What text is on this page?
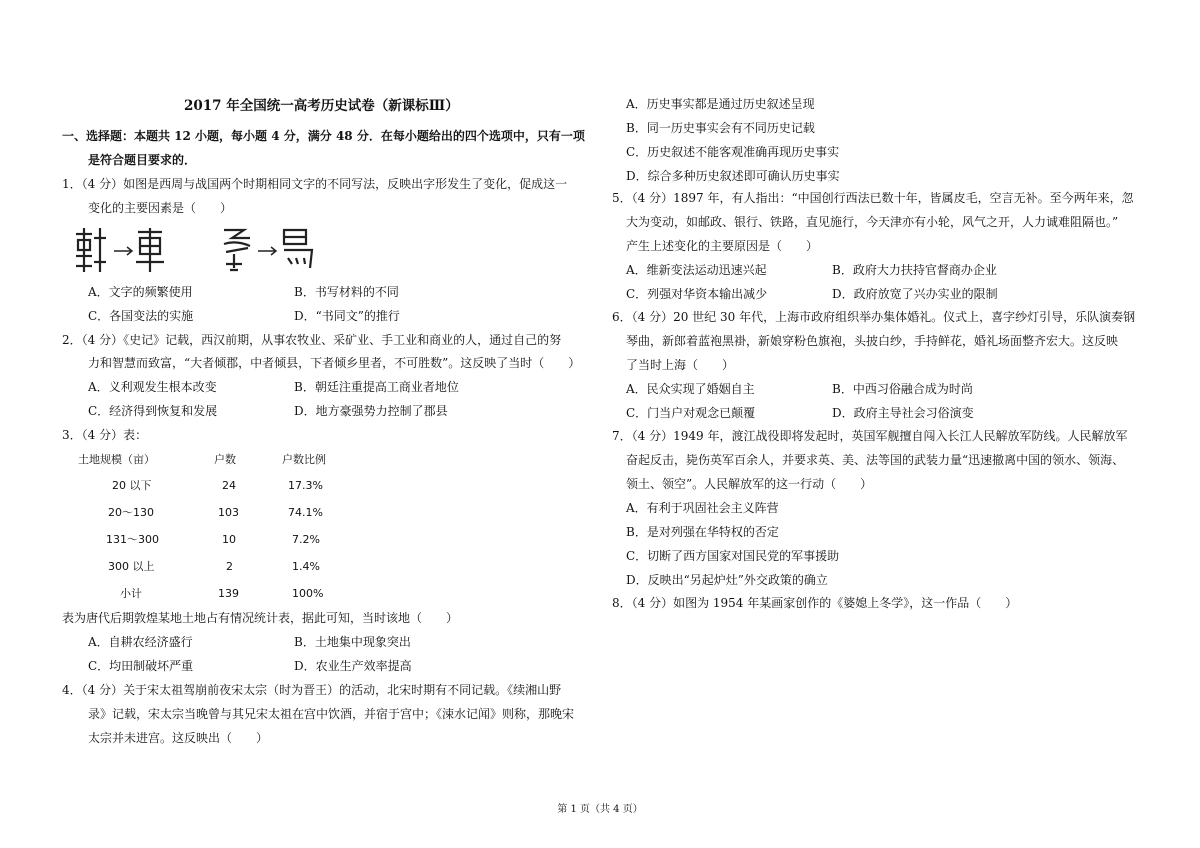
2017 年全国统一高考历史试卷（新课标Ⅲ）
一、选择题：本题共 12 小题，每小题 4 分，满分 48 分．在每小题给出的四个选项中，只有一项
是符合题目要求的．
1．（4 分）如图是西周与战国两个时期相同文字的不同写法，反映出字形发生了变化，促成这一
变化的主要因素是（　　）
A．文字的频繁使用	B．书写材料的不同
C．各国变法的实施	D．“书同文”的推行
2．（4 分）《史记》记载，西汉前期，从事农牧业、采矿业、手工业和商业的人，通过自己的努
力和智慧而致富，“大者倾郡，中者倾县，下者倾乡里者，不可胜数”。这反映了当时（　　）
A．义利观发生根本改变	B．朝廷注重提高工商业者地位
C．经济得到恢复和发展	D．地方豪强势力控制了郡县
3．（4 分）表：
土地规模（亩）	户数	户数比例
20 以下	24	17.3%
20～130	103	74.1%
131～300	10	7.2%
300 以上	2	1.4%
小计	139	100%
表为唐代后期敦煌某地土地占有情况统计表，据此可知，当时该地（　　）
A．自耕农经济盛行	B．土地集中现象突出
C．均田制破坏严重	D．农业生产效率提高
4．（4 分）关于宋太祖驾崩前夜宋太宗（时为晋王）的活动，北宋时期有不同记载。《续湘山野
录》记载，宋太宗当晚曾与其兄宋太祖在宫中饮酒，并宿于宫中；《涑水记闻》则称，那晚宋
太宗并未进宫。这反映出（　　）
A．历史事实都是通过历史叙述呈现
B．同一历史事实会有不同历史记载
C．历史叙述不能客观准确再现历史事实
D．综合多种历史叙述即可确认历史事实
5．（4 分）1897 年，有人指出：“中国创行西法已数十年，皆属皮毛，空言无补。至今两年来，忽
大为变动，如邮政、银行、铁路，直见施行，今天津亦有小轮，风气之开，人力诚难阻隔也。”
产生上述变化的主要原因是（　　）
A．维新变法运动迅速兴起	B．政府大力扶持官督商办企业
C．列强对华资本输出减少	D．政府放宽了兴办实业的限制
6．（4 分）20 世纪 30 年代，上海市政府组织举办集体婚礼。仪式上，喜字纱灯引导，乐队演奏钢
琴曲，新郎着蓝袍黑褂，新娘穿粉色旗袍，头披白纱，手持鲜花，婚礼场面整齐宏大。这反映
了当时上海（　　）
A．民众实现了婚姻自主	B．中西习俗融合成为时尚
C．门当户对观念已颠覆	D．政府主导社会习俗演变
7．（4 分）1949 年，渡江战役即将发起时，英国军舰擅自闯入长江人民解放军防线。人民解放军
奋起反击，毙伤英军百余人，并要求英、美、法等国的武装力量“迅速撤离中国的领水、领海、
领土、领空”。人民解放军的这一行动（　　）
A．有利于巩固社会主义阵营
B．是对列强在华特权的否定
C．切断了西方国家对国民党的军事援助
D．反映出“另起炉灶”外交政策的确立
8．（4 分）如图为 1954 年某画家创作的《婆媳上冬学》，这一作品（　　）
第 1 页（共 4 页）
